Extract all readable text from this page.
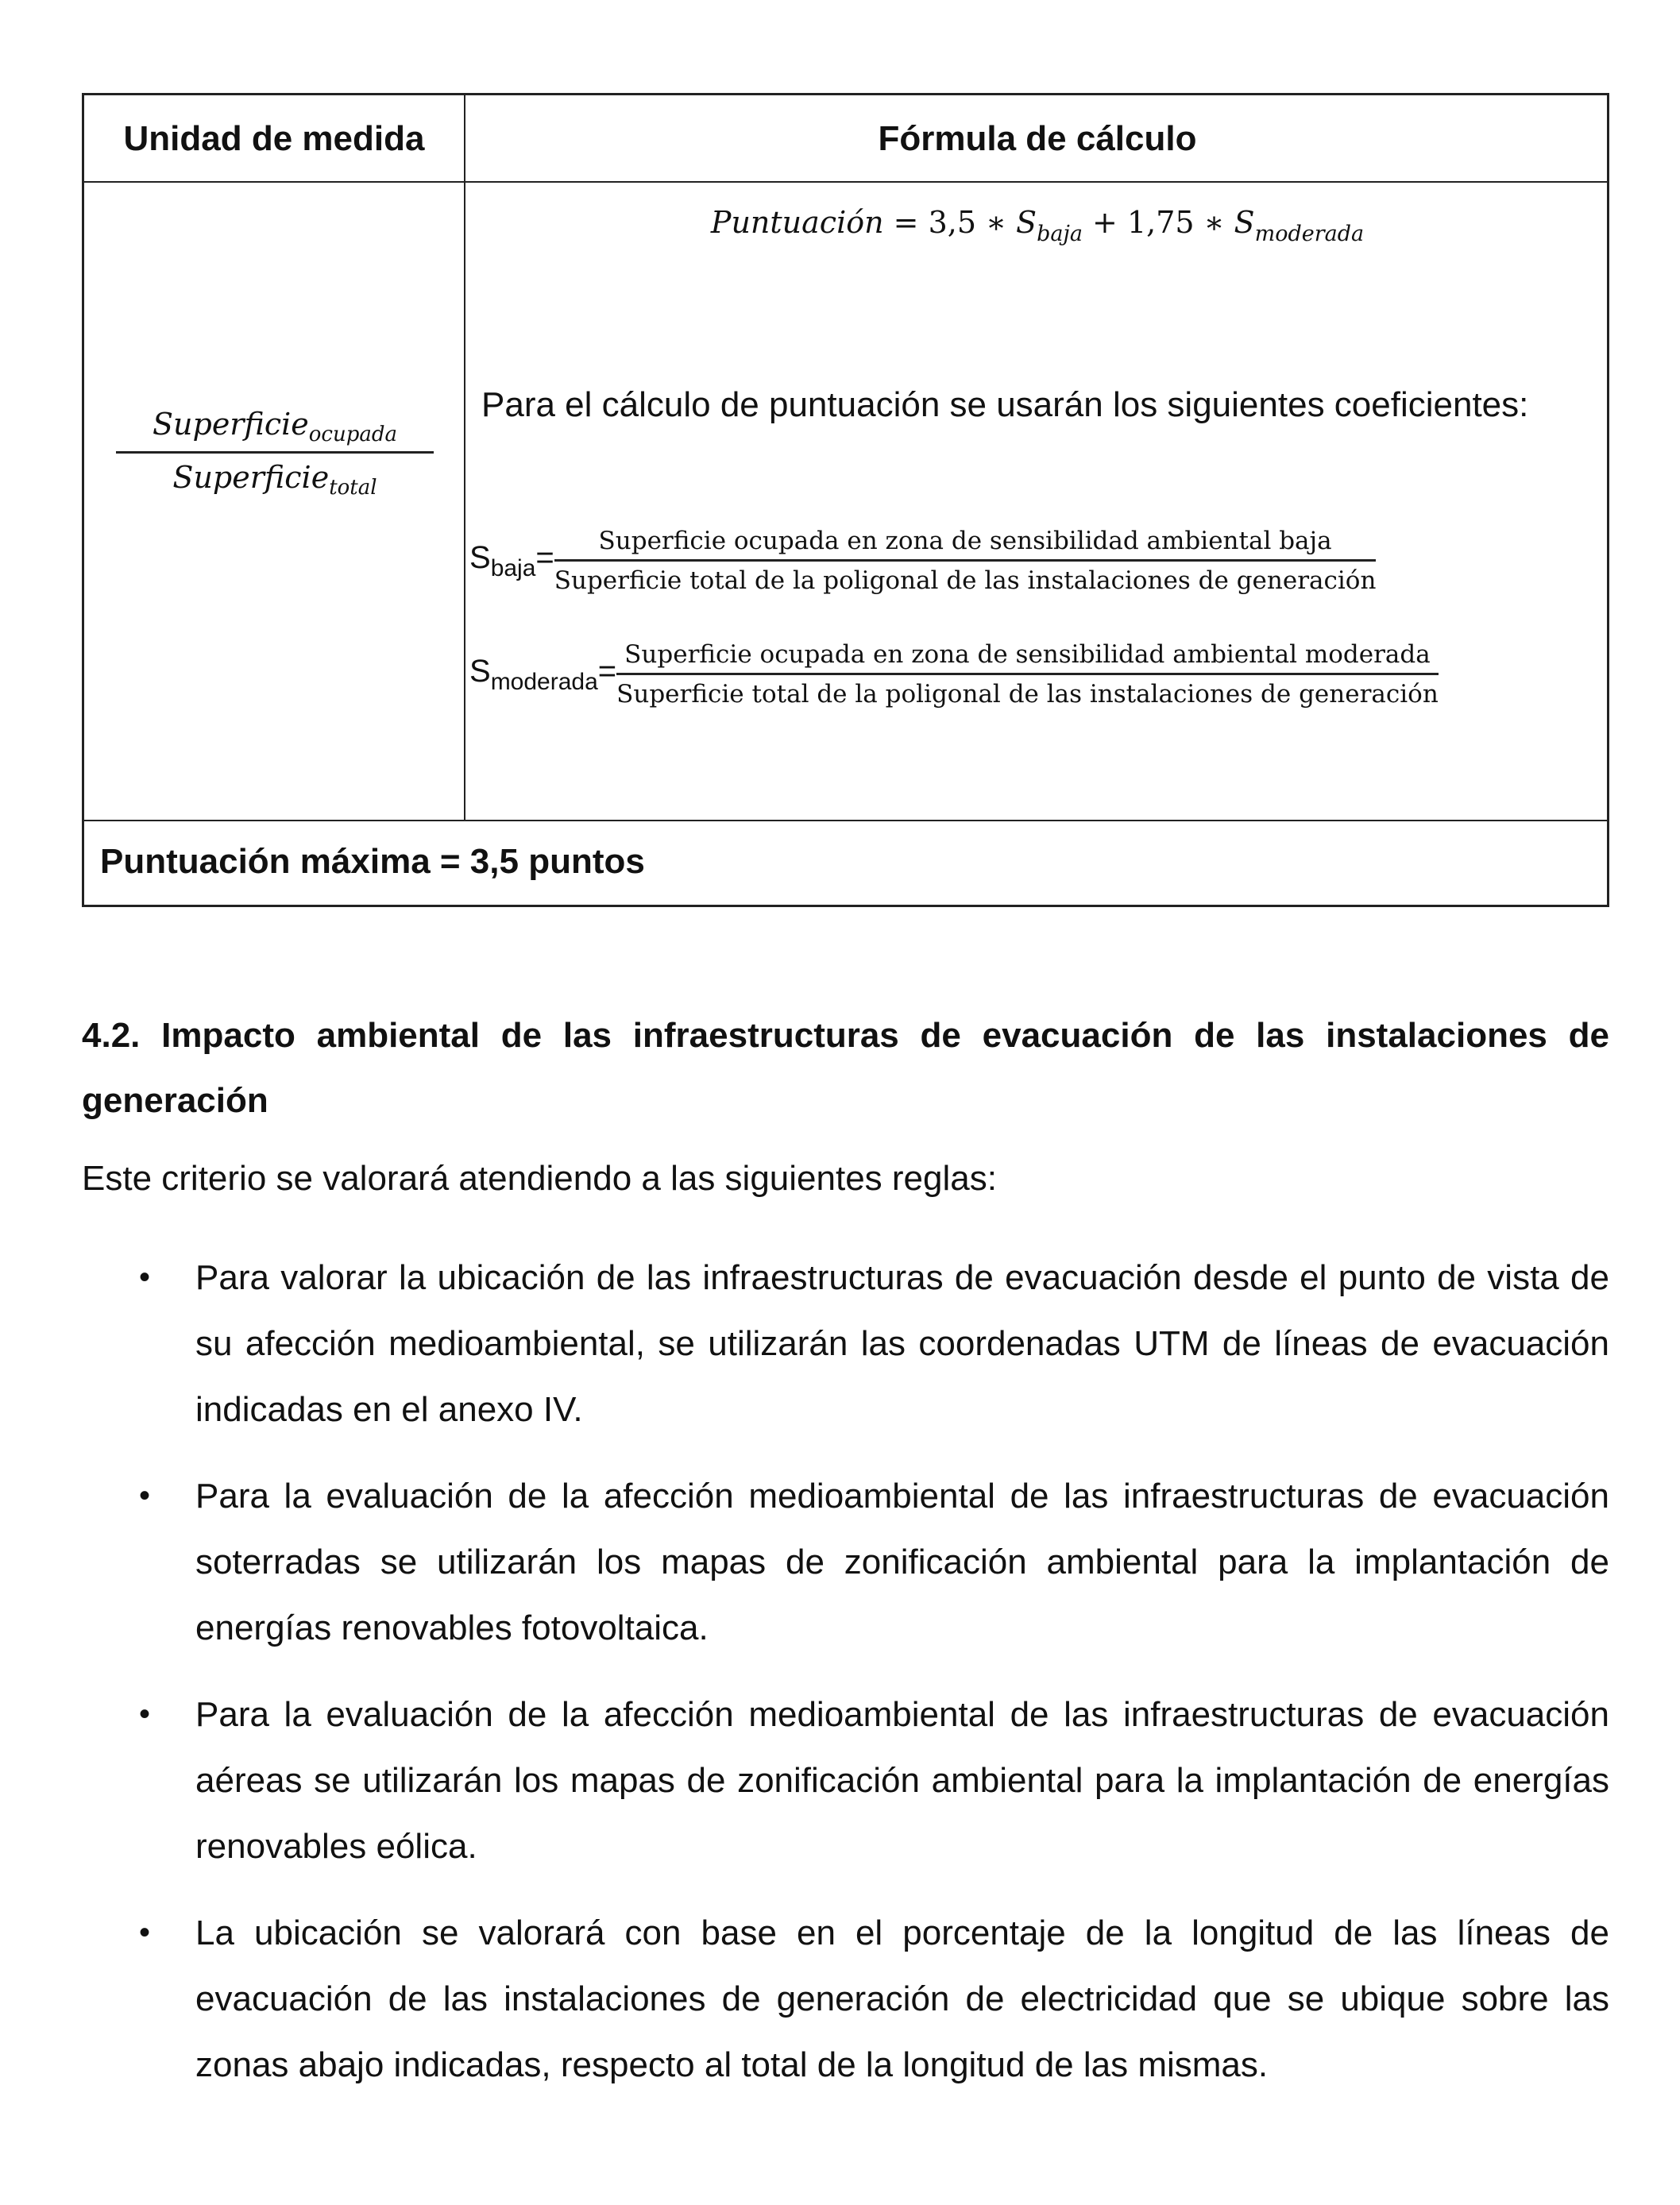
Unidad de medida	Fórmula de cálculo
Superficie$_{ocupada}$
Superficie$_{total}$
Puntuación = 3,5 ∗ $S_{baja} + 1,75$ ∗ $S_{moderada}$
Para el cálculo de puntuación se usarán los siguientes coeficientes:
$S_{baja}=$	Superficie ocupada en zona de sensibilidad ambiental baja
Superficie total de la poligonal de las instalaciones de generación
$S_{moderada}=$ Superficie ocupada en zona de sensibilidad ambiental moderada
Superficie total de la poligonal de las instalaciones de generación
Puntuación máxima = 3,5 puntos
4.2. Impacto ambiental de las infraestructuras de evacuación de las instalaciones de generación
Este criterio se valorará atendiendo a las siguientes reglas:
• Para valorar la ubicación de las infraestructuras de evacuación desde el punto de vista de su afección medioambiental, se utilizarán las coordenadas UTM de líneas de evacuación indicadas en el anexo IV.
• Para la evaluación de la afección medioambiental de las infraestructuras de evacuación soterradas se utilizarán los mapas de zonificación ambiental para la implantación de energías renovables fotovoltaica.
• Para la evaluación de la afección medioambiental de las infraestructuras de evacuación aéreas se utilizarán los mapas de zonificación ambiental para la implantación de energías renovables eólica.
• La ubicación se valorará con base en el porcentaje de la longitud de las líneas de evacuación de las instalaciones de generación de electricidad que se ubique sobre las zonas abajo indicadas, respecto al total de la longitud de las mismas.
